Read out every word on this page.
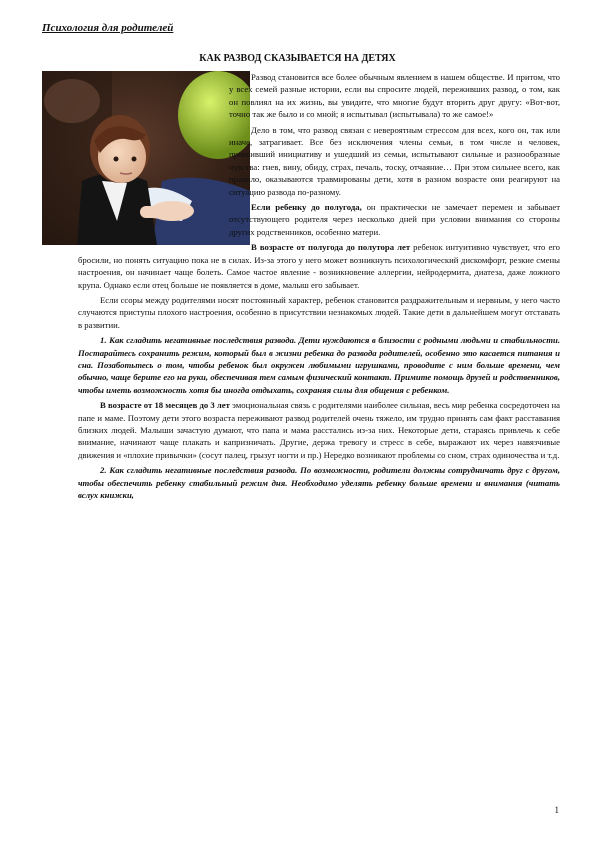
Психология для родителей
КАК РАЗВОД СКАЗЫВАЕТСЯ НА ДЕТЯХ

Развод становится все более обычным явлением в нашем обществе. И притом, что у всех семей разные истории, если вы спросите людей, переживших развод, о том, как он повлиял на их жизнь, вы увидите, что многие будут вторить друг другу: «Вот-вот, точно так же было и со мной; я испытывал (испытывала) то же самое!»

Дело в том, что развод связан с невероятным стрессом для всех, кого он, так или иначе, затрагивает. Все без исключения члены семьи, в том числе и человек, проявивший инициативу и ушедший из семьи, испытывают сильные и разнообразные чувства: гнев, вину, обиду, страх, печаль, тоску, отчаяние… При этом сильнее всего, как правило, оказываются травмированы дети, хотя в разном возрасте они реагируют на ситуацию развода по-разному.

Если ребенку до полугода, он практически не замечает перемен и забывает отсутствующего родителя через несколько дней при условии внимания со стороны других родственников, особенно матери.

В возрасте от полугода до полутора лет ребенок интуитивно чувствует, что его бросили, но понять ситуацию пока не в силах. Из-за этого у него может возникнуть психологический дискомфорт, резкие смены настроения, он начинает чаще болеть. Самое частое явление - возникновение аллергии, нейродермита, диатеза, даже ложного крупа. Однако если отец больше не появляется в доме, малыш его забывает.

Если ссоры между родителями носят постоянный характер, ребенок становится раздражительным и нервным, у него часто случаются приступы плохого настроения, особенно в присутствии незнакомых людей. Такие дети в дальнейшем могут отставать в развитии.

1. Как сгладить негативные последствия развода. Дети нуждаются в близости с родными людьми и стабильности. Постарайтесь сохранить режим, который был в жизни ребенка до развода родителей, особенно это касается питания и сна. Позаботьтесь о том, чтобы ребенок был окружен любимыми игрушками, проводите с ним больше времени, чем обычно, чаще берите его на руки, обеспечивая тем самым физический контакт. Примите помощь друзей и родственников, чтобы иметь возможность хотя бы иногда отдыхать, сохраняя силы для общения с ребенком.

В возрасте от 18 месяцев до 3 лет эмоциональная связь с родителями наиболее сильная, весь мир ребенка сосредоточен на папе и маме. Поэтому дети этого возраста переживают развод родителей очень тяжело, им трудно принять сам факт расставания близких людей. Малыши зачастую думают, что папа и мама расстались из-за них. Некоторые дети, стараясь привлечь к себе внимание, начинают чаще плакать и капризничать. Другие, держа тревогу и стресс в себе, выражают их через навязчивые движения и «плохие привычки» (сосут палец, грызут ногти и пр.) Нередко возникают проблемы со сном, страх одиночества и т.д.

2. Как сгладить негативные последствия развода. По возможности, родители должны сотрудничать друг с другом, чтобы обеспечить ребенку стабильный режим дня. Необходимо уделять ребенку больше времени и внимания (читать вслух книжки,

1
